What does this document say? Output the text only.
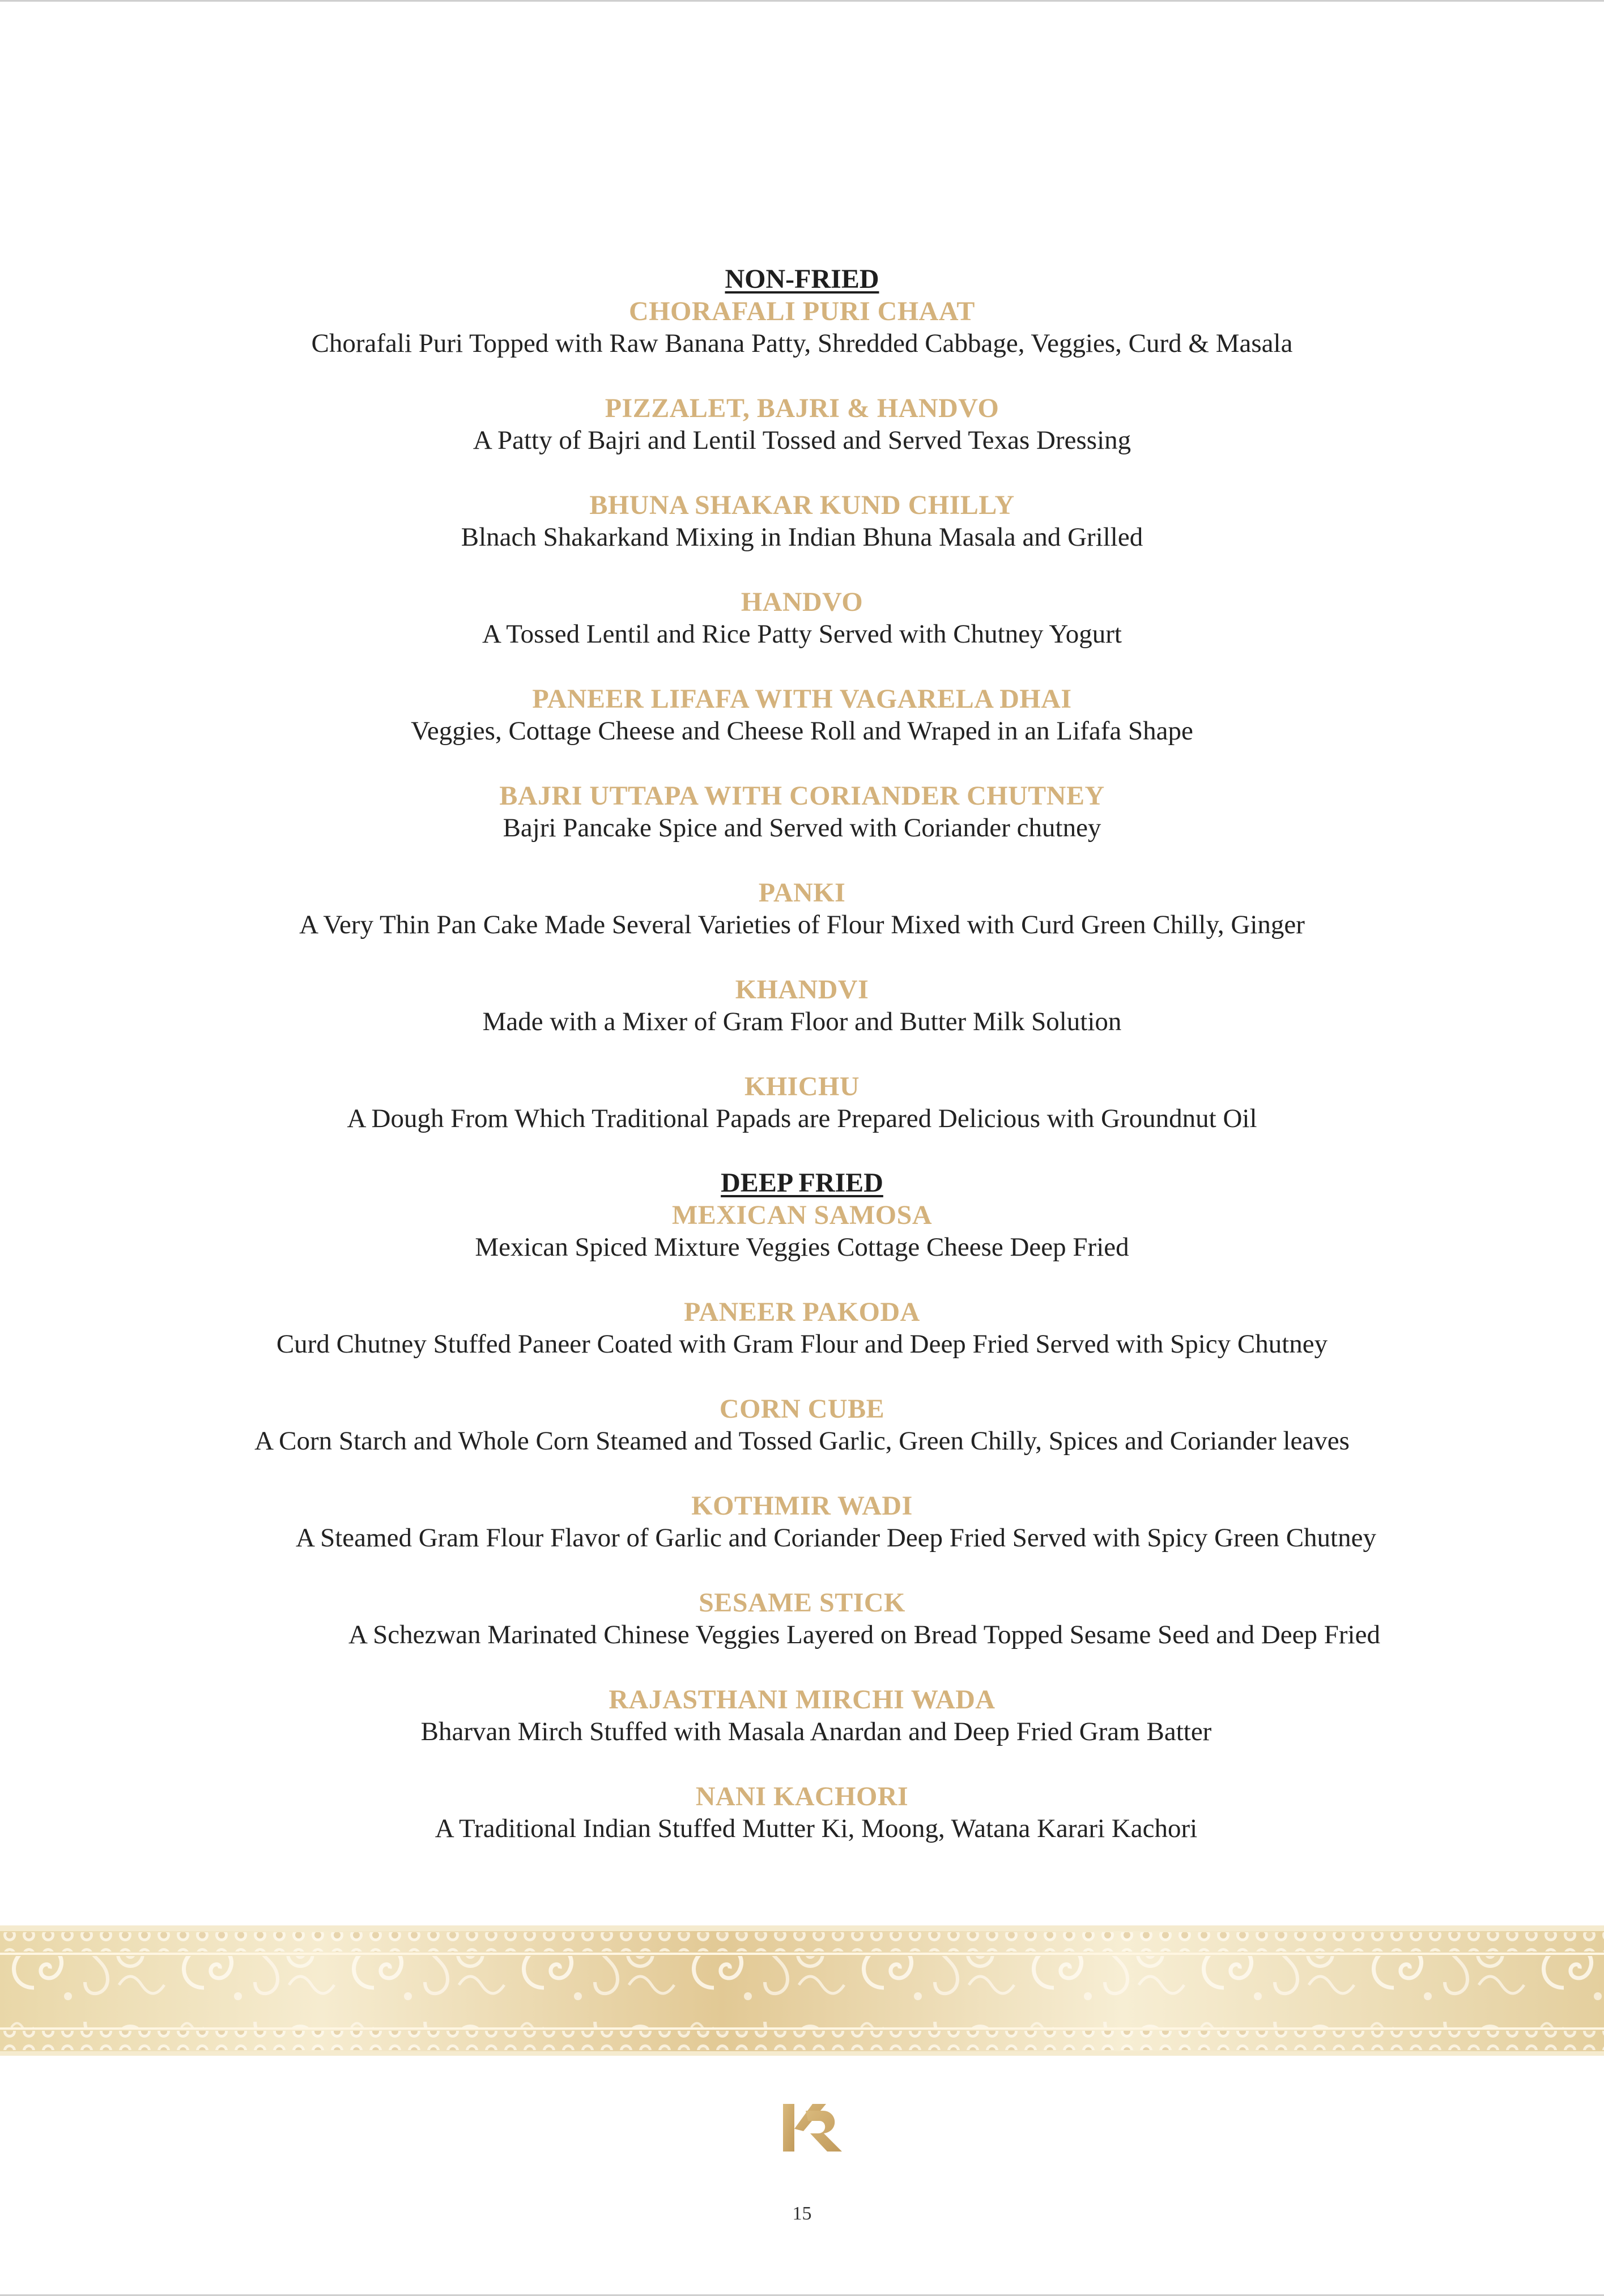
NON-FRIED
CHORAFALI PURI CHAAT
Chorafali Puri Topped with Raw Banana Patty, Shredded Cabbage, Veggies, Curd & Masala
PIZZALET, BAJRI & HANDVO
A Patty of Bajri and Lentil Tossed and Served Texas Dressing
BHUNA SHAKAR KUND CHILLY
Blnach Shakarkand Mixing in Indian Bhuna Masala and Grilled
HANDVO
A Tossed Lentil and Rice Patty Served with Chutney Yogurt
PANEER LIFAFA WITH VAGARELA DHAI
Veggies, Cottage Cheese and Cheese Roll and Wraped in an Lifafa Shape
BAJRI UTTAPA WITH CORIANDER CHUTNEY
Bajri Pancake Spice and Served with Coriander chutney
PANKI
A Very Thin Pan Cake Made Several Varieties of Flour Mixed with Curd Green Chilly, Ginger
KHANDVI
Made with a Mixer of Gram Floor and Butter Milk Solution
KHICHU
A Dough From Which Traditional Papads are Prepared Delicious with Groundnut Oil
DEEP FRIED
MEXICAN SAMOSA
Mexican Spiced Mixture Veggies Cottage Cheese Deep Fried
PANEER PAKODA
Curd Chutney Stuffed Paneer Coated with Gram Flour and Deep Fried Served with Spicy Chutney
CORN CUBE
A Corn Starch and Whole Corn Steamed and Tossed Garlic, Green Chilly, Spices and Coriander leaves
KOTHMIR WADI
A Steamed Gram Flour Flavor of Garlic and Coriander Deep Fried Served with Spicy Green Chutney
SESAME STICK
A Schezwan Marinated Chinese Veggies Layered on Bread Topped Sesame Seed and Deep Fried
RAJASTHANI MIRCHI WADA
Bharvan Mirch Stuffed with Masala Anardan and Deep Fried Gram Batter
NANI KACHORI
A Traditional Indian Stuffed Mutter Ki, Moong, Watana Karari Kachori
15
